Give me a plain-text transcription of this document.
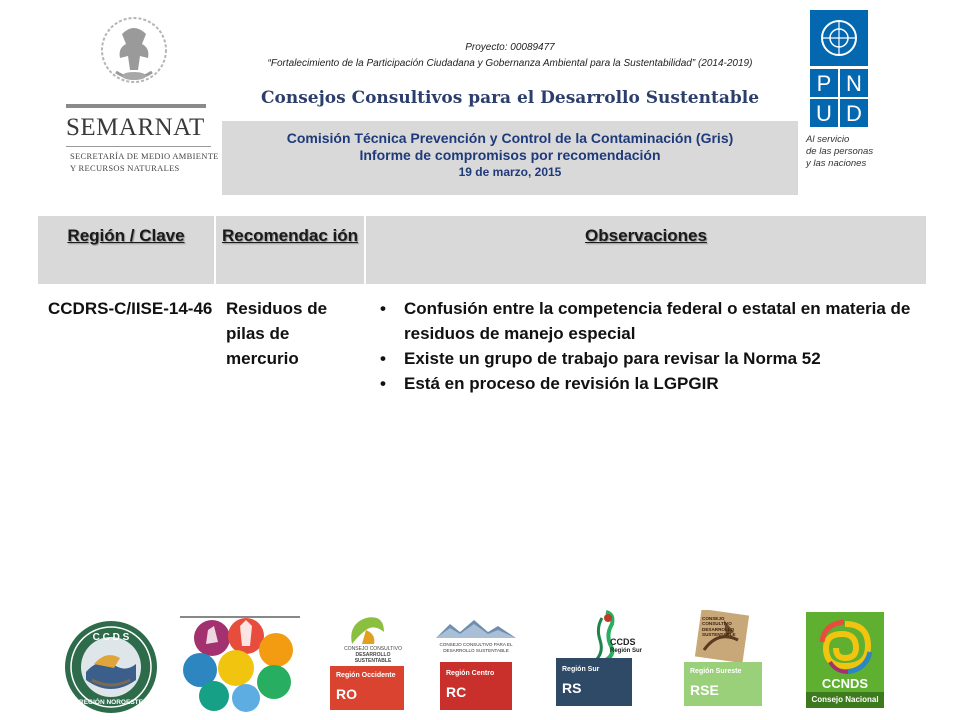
SEMARNAT
SECRETARÍA DE MEDIO AMBIENTE
Y RECURSOS NATURALES
Proyecto: 00089477
“Fortalecimiento de la Participación Ciudadana y Gobernanza Ambiental para la Sustentabilidad” (2014-2019)
Consejos Consultivos para el Desarrollo Sustentable
Comisión Técnica Prevención y Control de la Contaminación (Gris)
Informe de compromisos por recomendación
19 de marzo, 2015
P N
U D
Al servicio
de las personas
y las naciones
Región / Clave	Recomendac ión	Observaciones
CCDRS-C/IISE-14-46 Residuos de pilas de mercurio
• Confusión entre la competencia federal o estatal en materia de residuos de manejo especial
• Existe un grupo de trabajo para revisar la Norma 52
• Está en proceso de revisión la LGPGIR
C C D S
REGIÓN NOROESTE
CONSEJO CONSULTIVO
DESARROLLO
SUSTENTABLE
Región Occidente
RO
CONSEJO CONSULTIVO PARA EL
DESARROLLO SUSTENTABLE
Región Centro
RC
CCDS
Región Sur
Región Sur
RS
CONSEJO
CONSULTIVO
DESARROLLO
SUSTENTABLE
Región Sureste
RSE	CCNDS
Consejo Nacional
